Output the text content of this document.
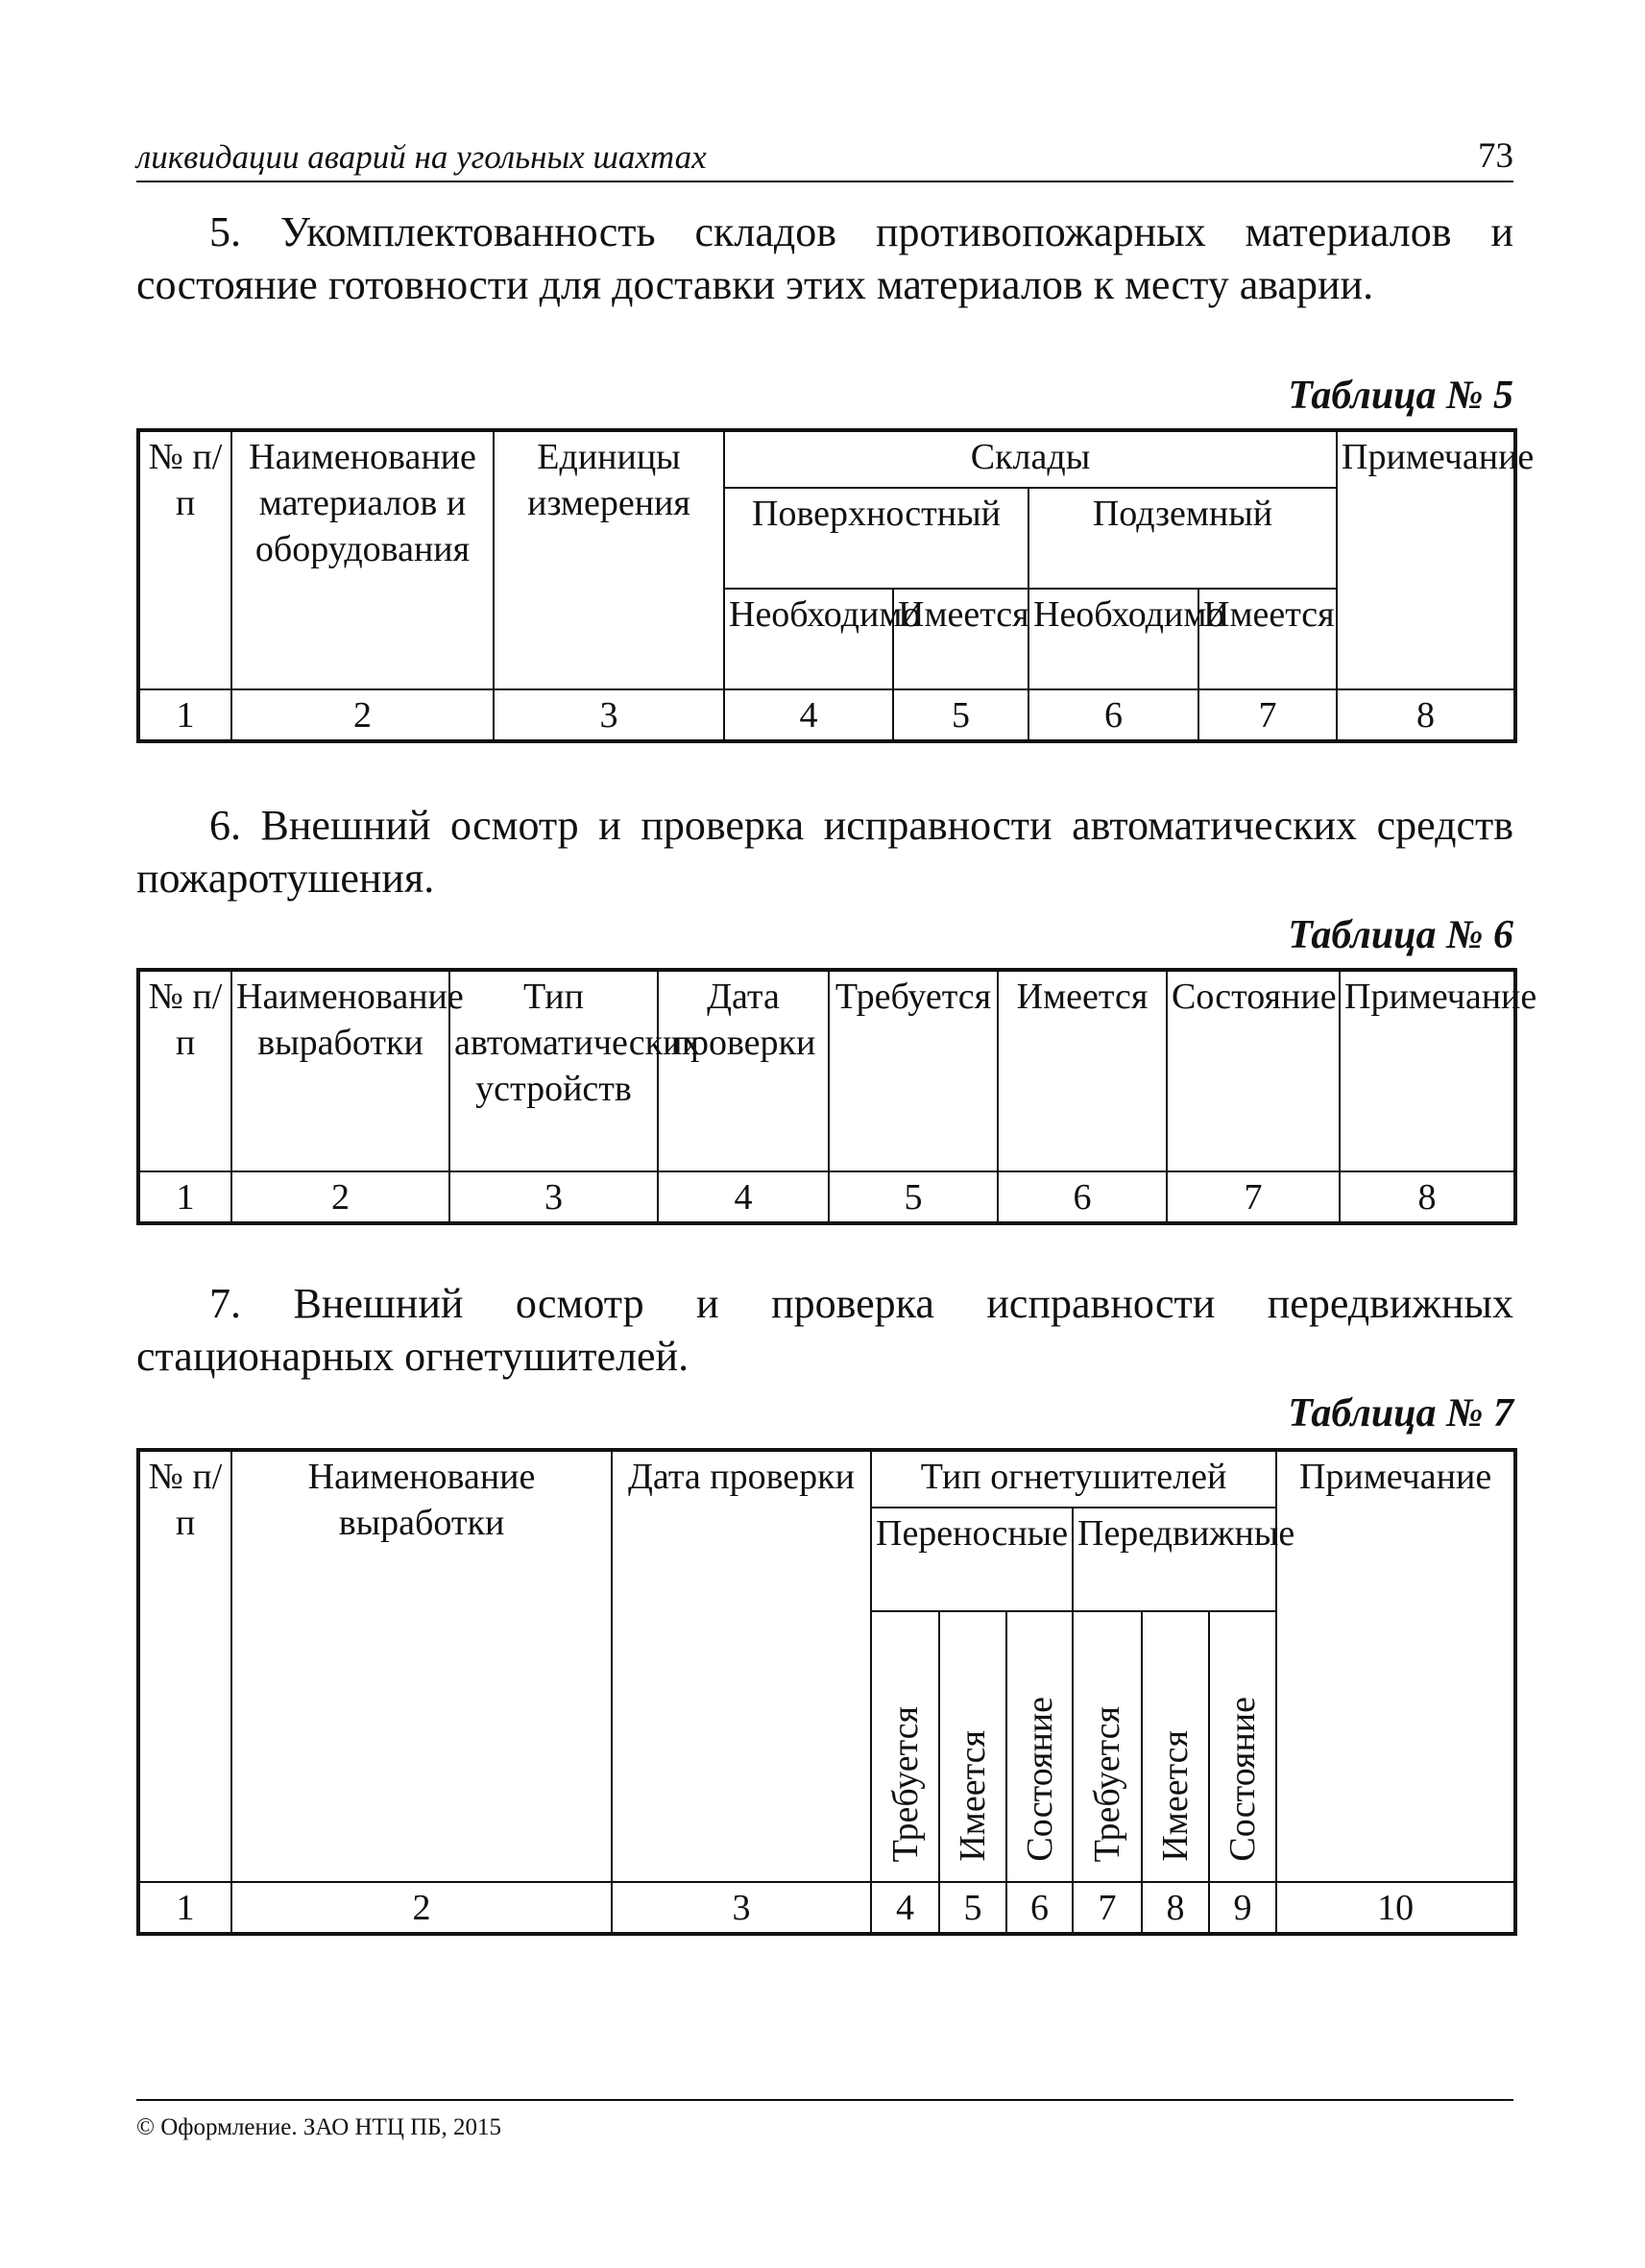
ликвидации аварий на угольных шахтах	73

5. Укомплектованность складов противопожарных материалов и состояние готовности для доставки этих материалов к месту аварии.

Таблица № 5
№ п/п	Наименование материалов и оборудования	Единицы измерения	Склады				Примечание
			Поверхностный		Подземный		
			Необходимо	Имеется	Необходимо	Имеется	
1	2	3	4	5	6	7	8

6. Внешний осмотр и проверка исправности автоматических средств пожаротушения.

Таблица № 6
№ п/п	Наименование выработки	Тип автоматических устройств	Дата проверки	Требуется	Имеется	Состояние	Примечание
1	2	3	4	5	6	7	8

7. Внешний осмотр и проверка исправности передвижных стационарных огнетушителей.

Таблица № 7
№ п/п	Наименование выработки	Дата проверки	Тип огнетушителей						Примечание
			Переносные			Передвижные			
			Требуется	Имеется	Состояние	Требуется	Имеется	Состояние	
1	2	3	4	5	6	7	8	9	10
© Оформление. ЗАО НТЦ ПБ, 2015
